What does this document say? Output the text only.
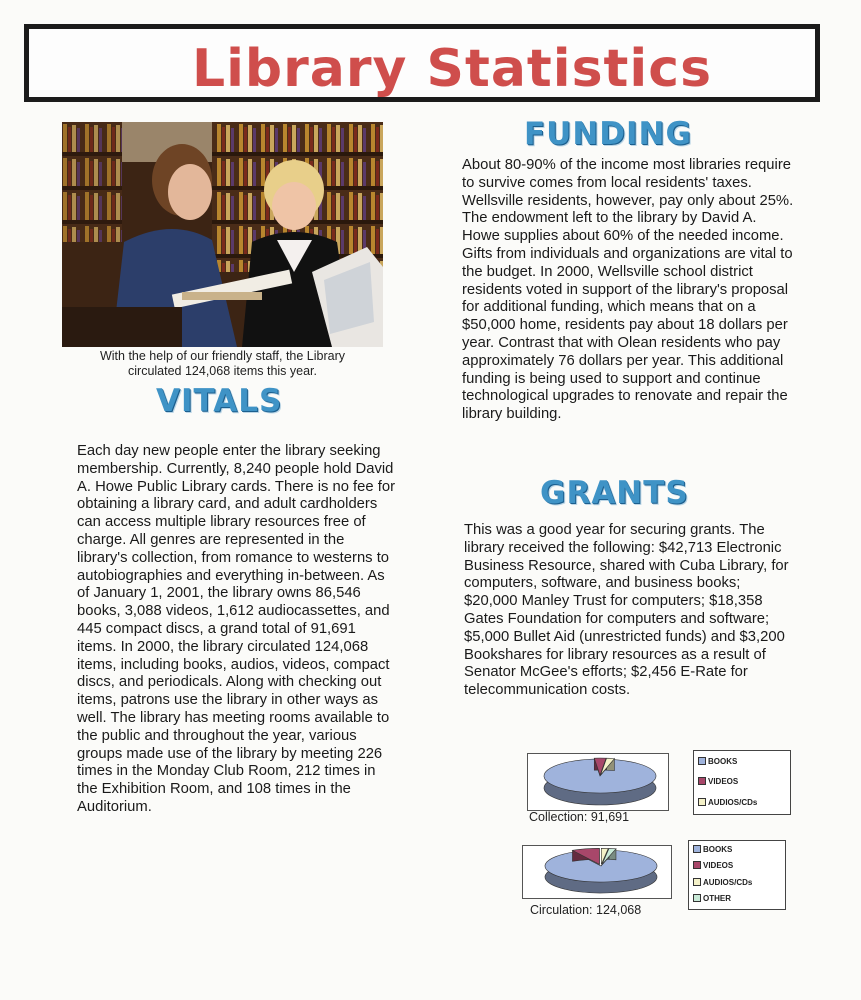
Library Statistics
With the help of our friendly staff, the Library
circulated 124,068 items this year.
VITALS
Each day new people enter the library seeking membership. Currently, 8,240 people hold David A. Howe Public Library cards. There is no fee for obtaining a library card, and adult cardholders can access multiple library resources free of charge. All genres are represented in the library's collection, from romance to westerns to autobiographies and everything in-between. As of January 1, 2001, the library owns 86,546 books, 3,088 videos, 1,612 audiocassettes, and 445 compact discs, a grand total of 91,691 items. In 2000, the library circulated 124,068 items, including books, audios, videos, compact discs, and periodicals. Along with checking out items, patrons use the library in other ways as well. The library has meeting rooms available to the public and throughout the year, various groups made use of the library by meeting 226 times in the Monday Club Room, 212 times in the Exhibition Room, and 108 times in the Auditorium.
FUNDING
About 80-90% of the income most libraries require to survive comes from local residents' taxes. Wellsville residents, however, pay only about 25%. The endowment left to the library by David A. Howe supplies about 60% of the needed income. Gifts from individuals and organizations are vital to the budget. In 2000, Wellsville school district residents voted in support of the library's proposal for additional funding, which means that on a $50,000 home, residents pay about 18 dollars per year. Contrast that with Olean residents who pay approximately 76 dollars per year. This additional funding is being used to support and continue technological upgrades to renovate and repair the library building.
GRANTS
This was a good year for securing grants. The library received the following: $42,713 Electronic Business Resource, shared with Cuba Library, for computers, software, and business books; $20,000 Manley Trust for computers; $18,358 Gates Foundation for computers and software; $5,000 Bullet Aid (unrestricted funds) and $3,200 Bookshares for library resources as a result of Senator McGee's efforts; $2,456 E-Rate for telecommunication costs.
BOOKS
VIDEOS
AUDIOS/CDs
Collection: 91,691
BOOKS
VIDEOS
AUDIOS/CDs
OTHER
Circulation: 124,068
